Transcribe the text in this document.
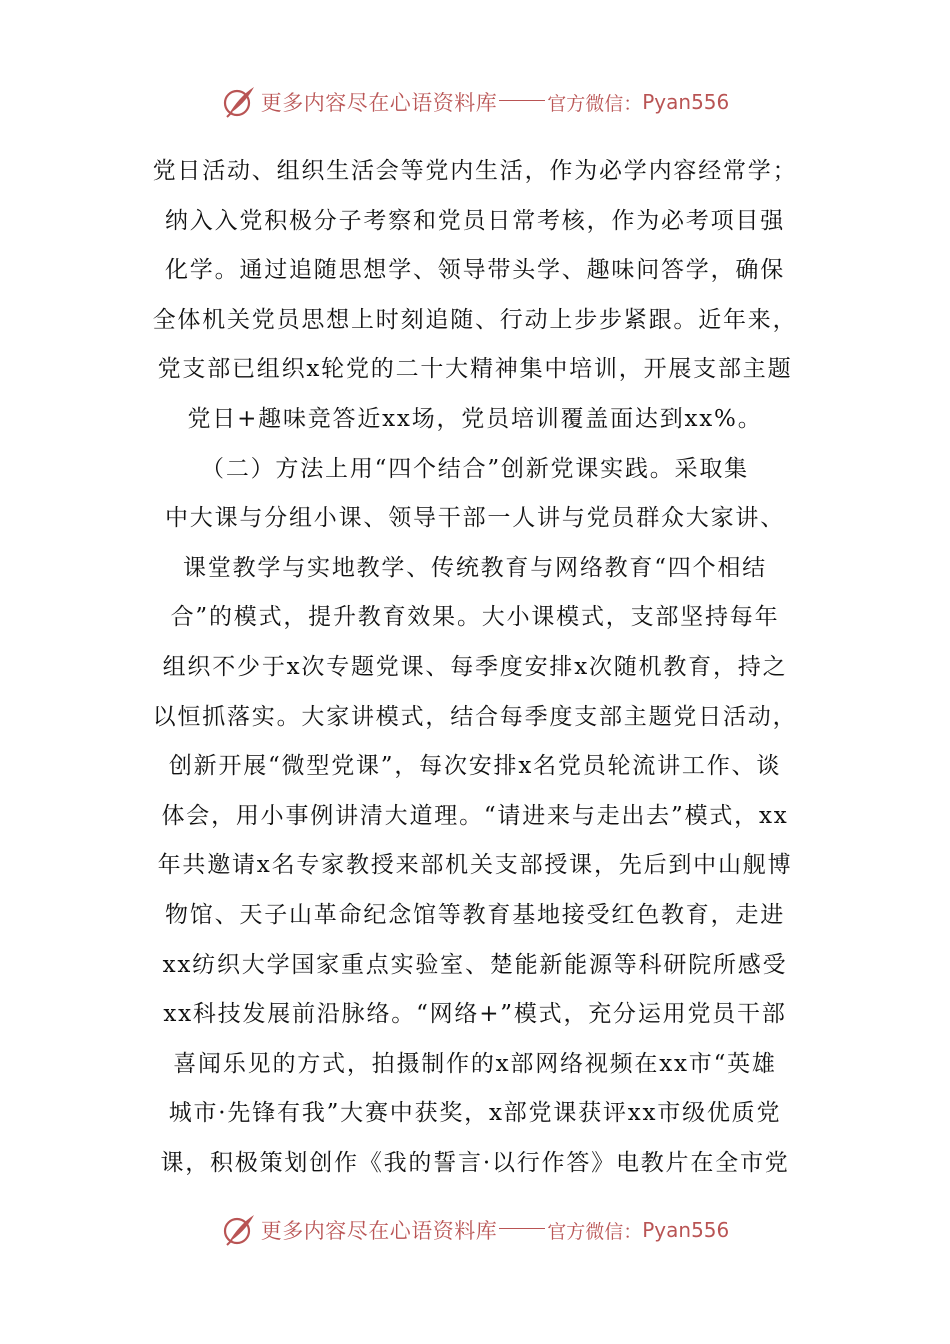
更多内容尽在心语资料库	官方微信： Pyan556
党日活动、组织生活会等党内生活，作为必学内容经常学；
纳入入党积极分子考察和党员日常考核，作为必考项目强
化学。通过追随思想学、领导带头学、趣味问答学，确保
全体机关党员思想上时刻追随、行动上步步紧跟。近年来，
党支部已组织x轮党的二十大精神集中培训，开展支部主题
党日+趣味竞答近xx场，党员培训覆盖面达到xx%。
（二）方法上用“四个结合”创新党课实践。采取集
中大课与分组小课、领导干部一人讲与党员群众大家讲、
课堂教学与实地教学、传统教育与网络教育“四个相结
合”的模式，提升教育效果。大小课模式，支部坚持每年
组织不少于x次专题党课、每季度安排x次随机教育，持之
以恒抓落实。大家讲模式，结合每季度支部主题党日活动，
创新开展“微型党课”，每次安排x名党员轮流讲工作、谈
体会，用小事例讲清大道理。“请进来与走出去”模式，xx
年共邀请x名专家教授来部机关支部授课，先后到中山舰博
物馆、天子山革命纪念馆等教育基地接受红色教育，走进
xx纺织大学国家重点实验室、楚能新能源等科研院所感受
xx科技发展前沿脉络。“网络+”模式，充分运用党员干部
喜闻乐见的方式，拍摄制作的x部网络视频在xx市“英雄
城市·先锋有我”大赛中获奖，x部党课获评xx市级优质党
课，积极策划创作《我的誓言·以行作答》电教片在全市党
更多内容尽在心语资料库	官方微信： Pyan556
